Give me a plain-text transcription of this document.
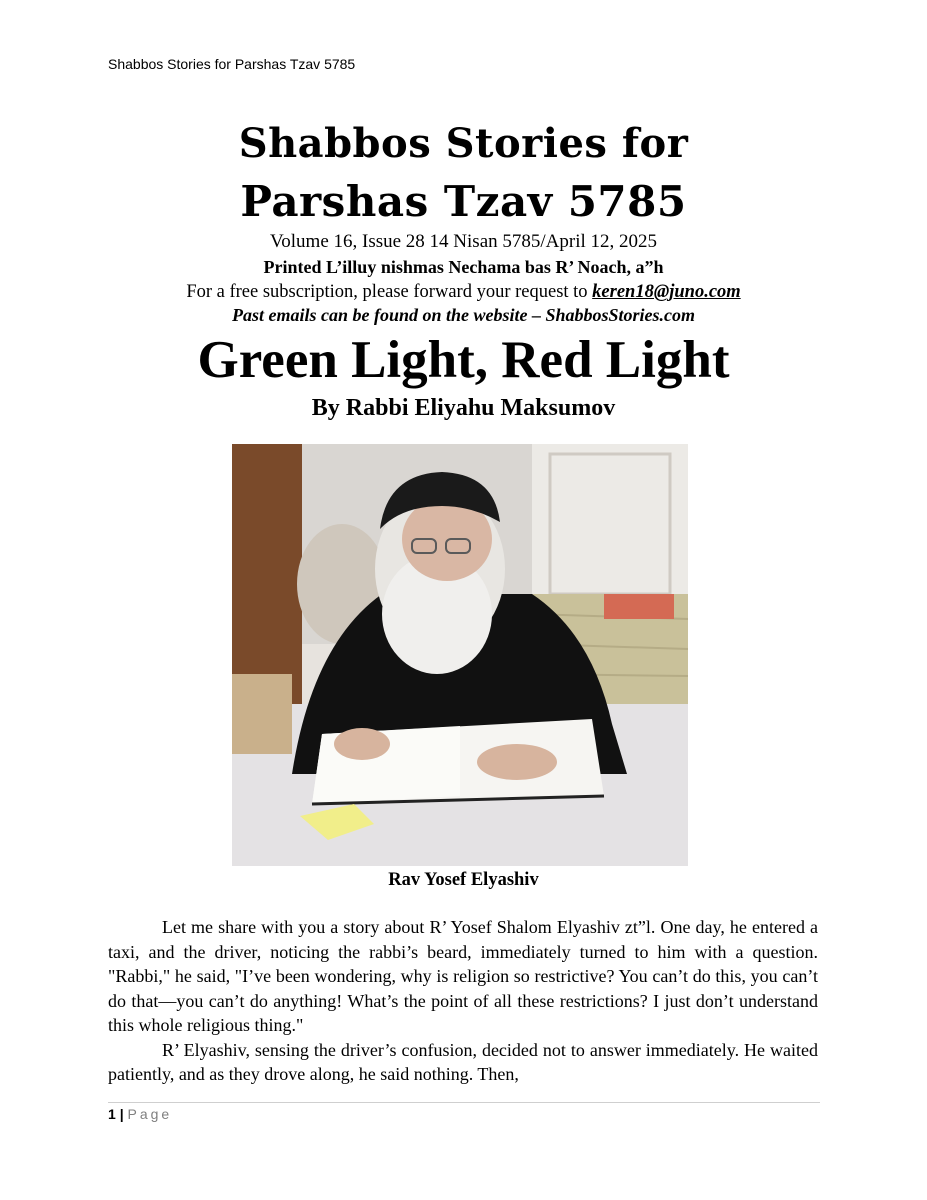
Shabbos Stories for Parshas Tzav 5785
Shabbos Stories for
Parshas Tzav 5785
Volume 16, Issue 28 14 Nisan 5785/April 12, 2025
Printed L’illuy nishmas Nechama bas R’ Noach, a”h
For a free subscription, please forward your request to keren18@juno.com
Past emails can be found on the website – ShabbosStories.com
Green Light, Red Light
By Rabbi Eliyahu Maksumov
Rav Yosef Elyashiv

Let me share with you a story about R’ Yosef Shalom Elyashiv zt”l. One day, he entered a taxi, and the driver, noticing the rabbi’s beard, immediately turned to him with a question. "Rabbi," he said, "I’ve been wondering, why is religion so restrictive? You can’t do this, you can’t do that—you can’t do anything! What’s the point of all these restrictions? I just don’t understand this whole religious thing."

R’ Elyashiv, sensing the driver’s confusion, decided not to answer immediately. He waited patiently, and as they drove along, he said nothing. Then,

1 | Page
